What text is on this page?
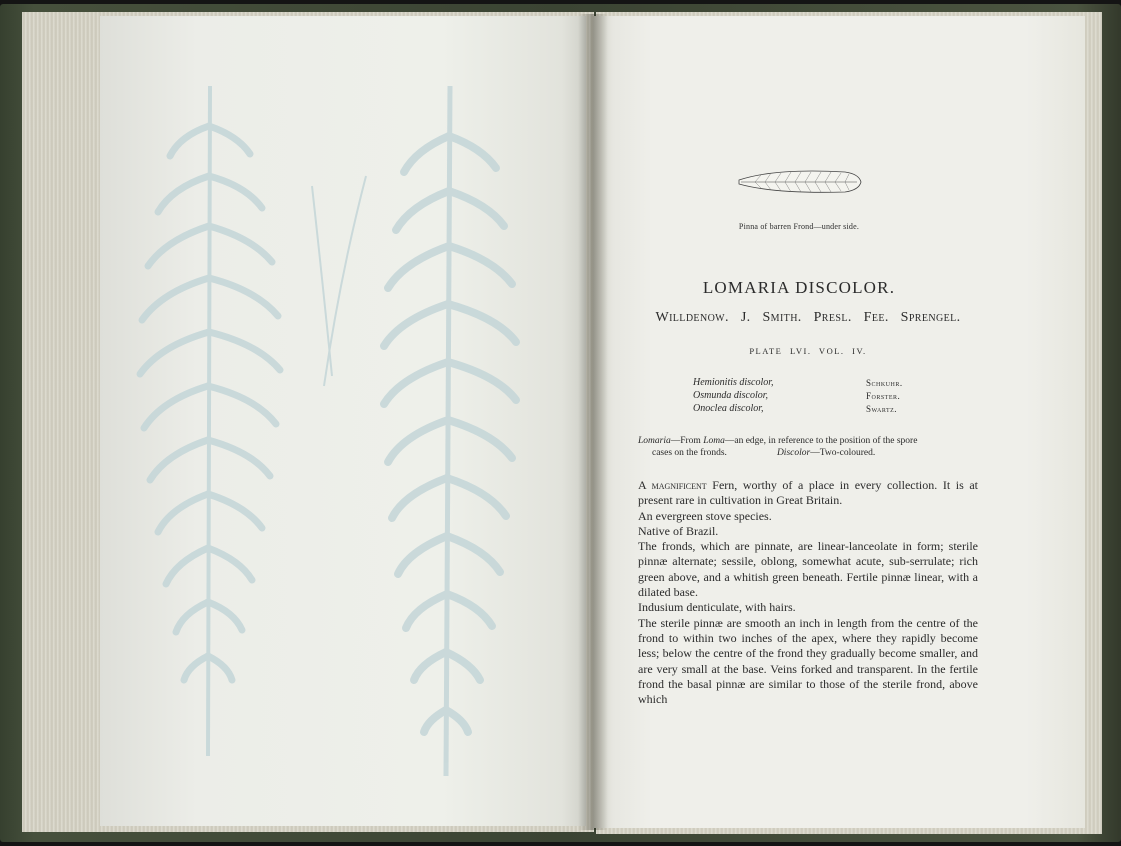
Pinna of barren Frond—under side.
LOMARIA DISCOLOR.
Willdenow. J. Smith. Presl. Fee. Sprengel.
PLATE LVI. VOL. IV.
Hemionitis discolor,	Schkuhr.
Osmunda discolor,	Forster.
Onoclea discolor,	Swartz.
Lomaria—From Loma—an edge, in reference to the position of the spore
cases on the fronds.	Discolor—Two-coloured.

A magnificent Fern, worthy of a place in every collection. It is at present rare in cultivation in Great Britain.

An evergreen stove species.

Native of Brazil.

The fronds, which are pinnate, are linear-lanceolate in form; sterile pinnæ alternate; sessile, oblong, somewhat acute, sub-serrulate; rich green above, and a whitish green beneath. Fertile pinnæ linear, with a dilated base.

Indusium denticulate, with hairs.

The sterile pinnæ are smooth an inch in length from the centre of the frond to within two inches of the apex, where they rapidly become less; below the centre of the frond they gradually become smaller, and are very small at the base. Veins forked and transparent. In the fertile frond the basal pinnæ are similar to those of the sterile frond, above which
